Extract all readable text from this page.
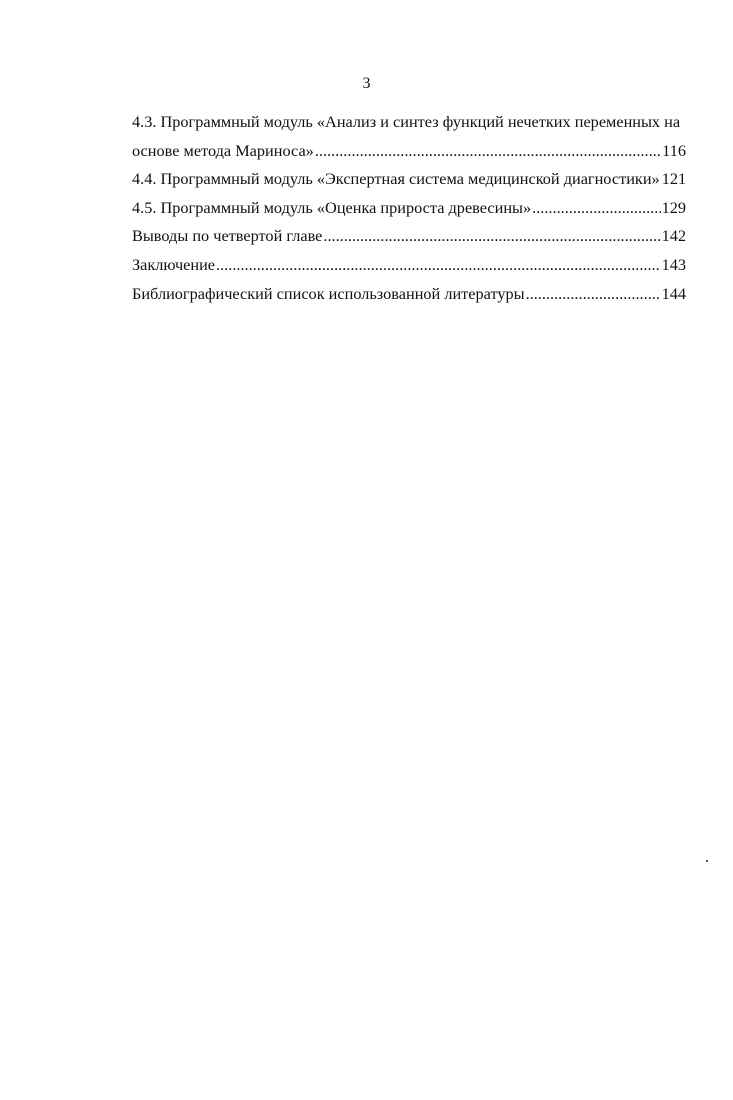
3
4.3. Программный модуль «Анализ и синтез функций нечетких переменных на
основе метода Мариноса» .....	116
4.4. Программный модуль «Экспертная система медицинской диагностики» 121
4.5. Программный модуль «Оценка прироста древесины» .....	129
Выводы по четвертой главе .....	142
Заключение .....	143
Библиографический список использованной литературы .....	144
